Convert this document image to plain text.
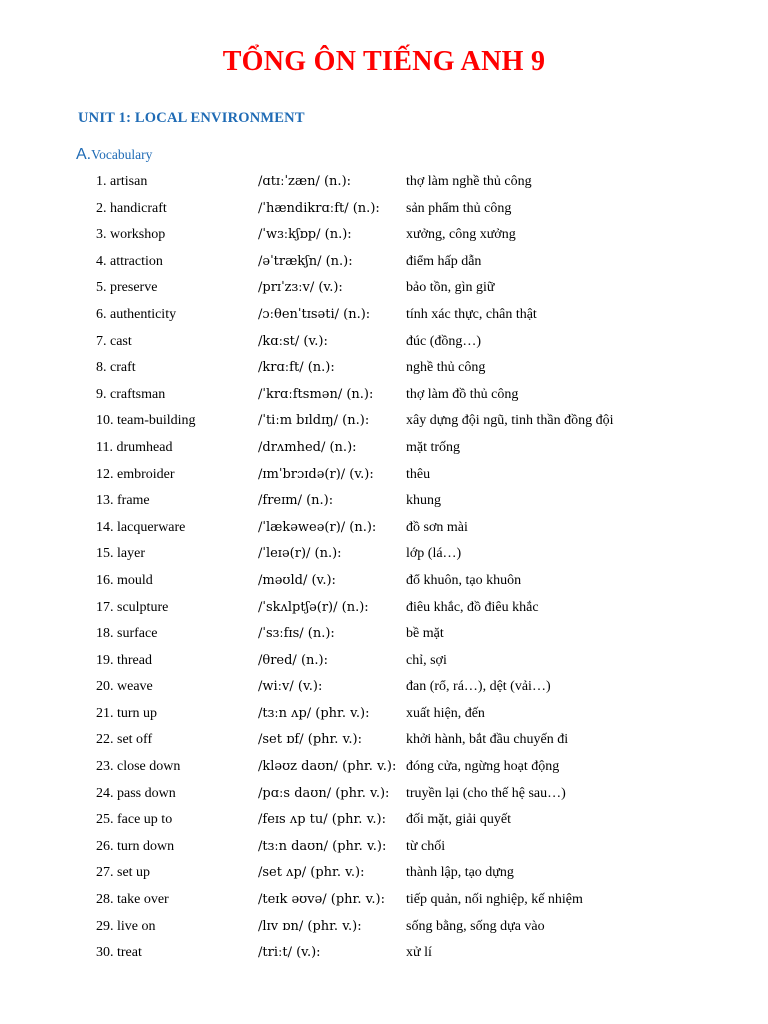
TỔNG ÔN TIẾNG ANH 9
UNIT 1: LOCAL ENVIRONMENT
A.Vocabulary
1. artisan	/ɑtɪːˈzæn/ (n.):	thợ làm nghề thủ công
2. handicraft	/ˈhændikrɑːft/ (n.): sản phẩm thủ công
3. workshop	/ˈwɜːkʃɒp/ (n.):	xưởng, công xưởng
4. attraction	/əˈtrækʃn/ (n.):	điểm hấp dẫn
5. preserve	/prɪˈzɜːv/ (v.):	bảo tồn, gìn giữ
6. authenticity	/ɔːθenˈtɪsəti/ (n.):	tính xác thực, chân thật
7. cast	/kɑːst/ (v.):	đúc (đồng…)
8. craft	/krɑːft/ (n.):	nghề thủ công
9. craftsman	/ˈkrɑːftsmən/ (n.): thợ làm đồ thủ công
10. team-building	/ˈtiːm bɪldɪŋ/ (n.):	xây dựng đội ngũ, tinh thần đồng đội
11. drumhead	/drʌmhed/ (n.):	mặt trống
12. embroider	/ɪmˈbrɔɪdə(r)/ (v.): thêu
13. frame	/freɪm/ (n.):	khung
14. lacquerware	/ˈlækəweə(r)/ (n.): đồ sơn mài
15. layer	/ˈleɪə(r)/ (n.):	lớp (lá…)
16. mould	/məʊld/ (v.):	đổ khuôn, tạo khuôn
17. sculpture	/ˈskʌlptʃə(r)/ (n.):	điêu khắc, đồ điêu khắc
18. surface	/ˈsɜːfɪs/ (n.):	bề mặt
19. thread	/θred/ (n.):	chỉ, sợi
20. weave	/wiːv/ (v.):	đan (rổ, rá…), dệt (vải…)
21. turn up	/tɜːn ʌp/ (phr. v.):	xuất hiện, đến
22. set off	/set ɒf/ (phr. v.):	khởi hành, bắt đầu chuyến đi
23. close down	/kləʊz daʊn/ (phr. v.): đóng cửa, ngừng hoạt động
24. pass down	/pɑːs daʊn/ (phr. v.): truyền lại (cho thế hệ sau…)
25. face up to	/feɪs ʌp tu/ (phr. v.): đối mặt, giải quyết
26. turn down	/tɜːn daʊn/ (phr. v.): từ chối
27. set up	/set ʌp/ (phr. v.):	thành lập, tạo dựng
28. take over	/teɪk əʊvə/ (phr. v.): tiếp quản, nối nghiệp, kế nhiệm
29. live on	/lɪv ɒn/ (phr. v.):	sống bằng, sống dựa vào
30. treat	/triːt/ (v.):	xử lí
